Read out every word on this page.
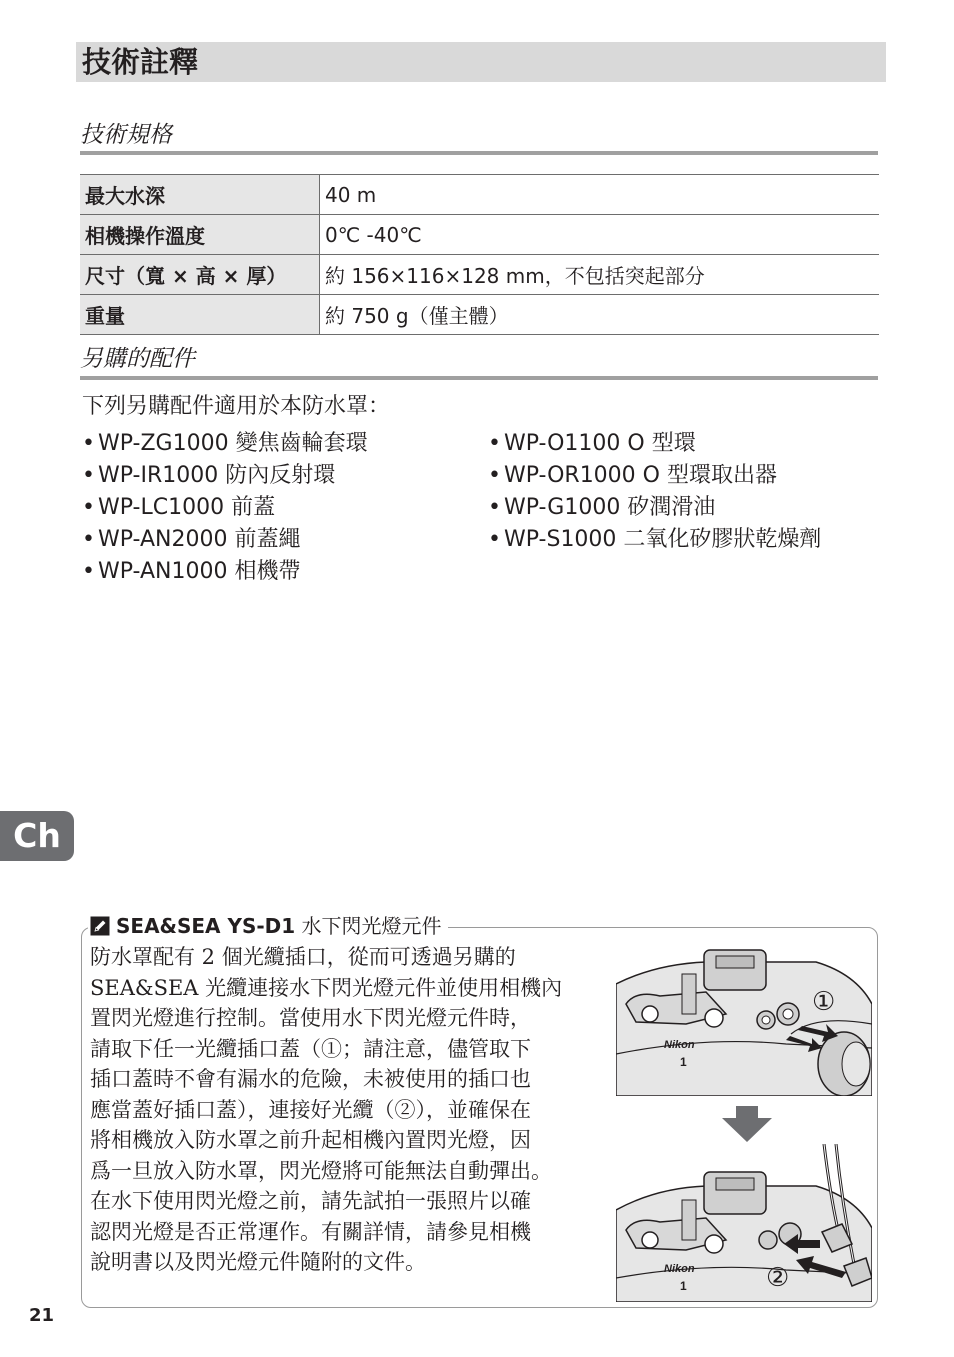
技術註釋
技術規格
最大水深	40 m
相機操作溫度	0℃ -40℃
尺寸（寬 × 高 × 厚）	約 156×116×128 mm，不包括突起部分
重量	約 750 g（僅主體）
另購的配件
下列另購配件適用於本防水罩：
• WP-ZG1000 變焦齒輪套環
• WP-IR1000 防內反射環
• WP-LC1000 前蓋
• WP-AN2000 前蓋繩
• WP-AN1000 相機帶
• WP-O1100 O 型環
• WP-OR1000 O 型環取出器
• WP-G1000 矽潤滑油
• WP-S1000 二氧化矽膠狀乾燥劑
Ch
SEA&SEA YS-D1 水下閃光燈元件
防水罩配有 2 個光纜插口，從而可透過另購的
SEA&SEA 光纜連接水下閃光燈元件並使用相機內
置閃光燈進行控制。當使用水下閃光燈元件時，
請取下任一光纜插口蓋（①；請注意，儘管取下
插口蓋時不會有漏水的危險，未被使用的插口也
應當蓋好插口蓋），連接好光纜（②），並確保在
將相機放入防水罩之前升起相機內置閃光燈，因
爲一旦放入防水罩，閃光燈將可能無法自動彈出。
在水下使用閃光燈之前，請先試拍一張照片以確
認閃光燈是否正常運作。有關詳情，請參見相機
說明書以及閃光燈元件隨附的文件。
Nikon
1
①
Nikon
1	②
21
